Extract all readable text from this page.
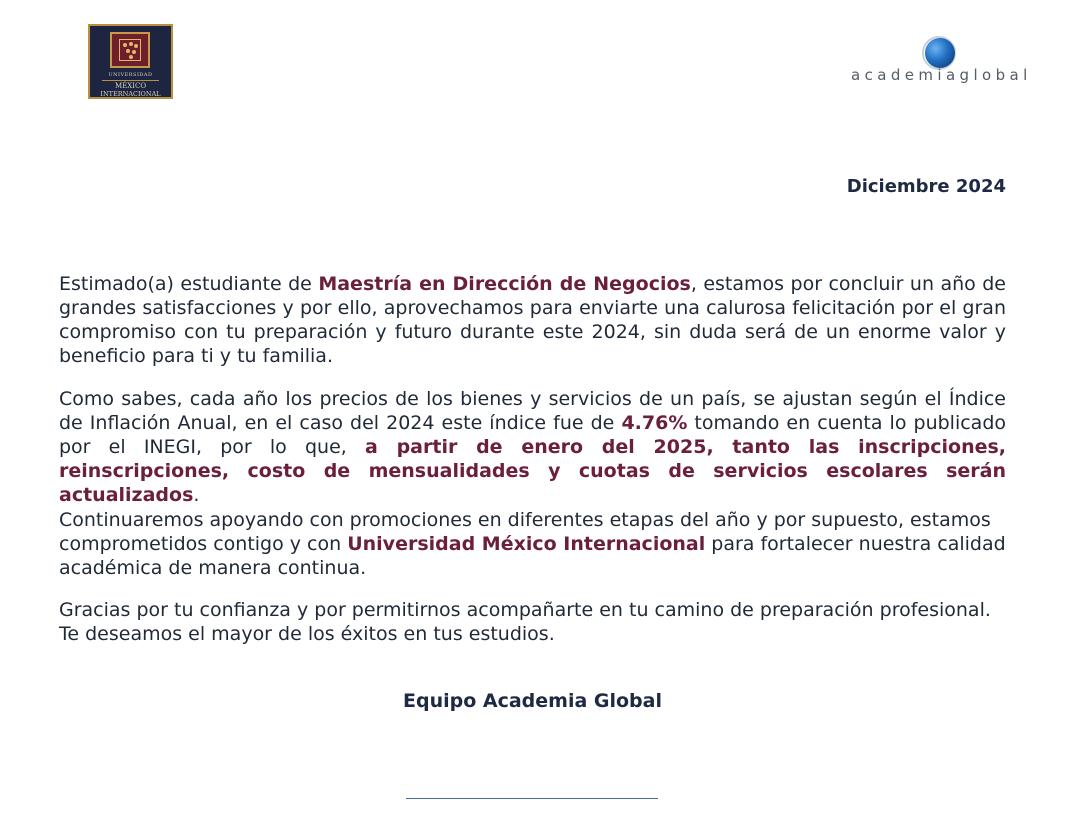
UNIVERSIDAD
MÉXICO
INTERNACIONAL
academiaglobal
Diciembre 2024
Estimado(a) estudiante de Maestría en Dirección de Negocios, estamos por concluir un año de grandes satisfacciones y por ello, aprovechamos para enviarte una calurosa felicitación por el gran compromiso con tu preparación y futuro durante este 2024, sin duda será de un enorme valor y beneficio para ti y tu familia.
Como sabes, cada año los precios de los bienes y servicios de un país, se ajustan según el Índice de Inflación Anual, en el caso del 2024 este índice fue de 4.76% tomando en cuenta lo publicado por el INEGI, por lo que, a partir de enero del 2025, tanto las inscripciones, reinscripciones, costo de mensualidades y cuotas de servicios escolares serán actualizados.
Continuaremos apoyando con promociones en diferentes etapas del año y por supuesto, estamos comprometidos contigo y con Universidad México Internacional para fortalecer nuestra calidad académica de manera continua.
Gracias por tu confianza y por permitirnos acompañarte en tu camino de preparación profesional. Te deseamos el mayor de los éxitos en tus estudios.
Equipo Academia Global
